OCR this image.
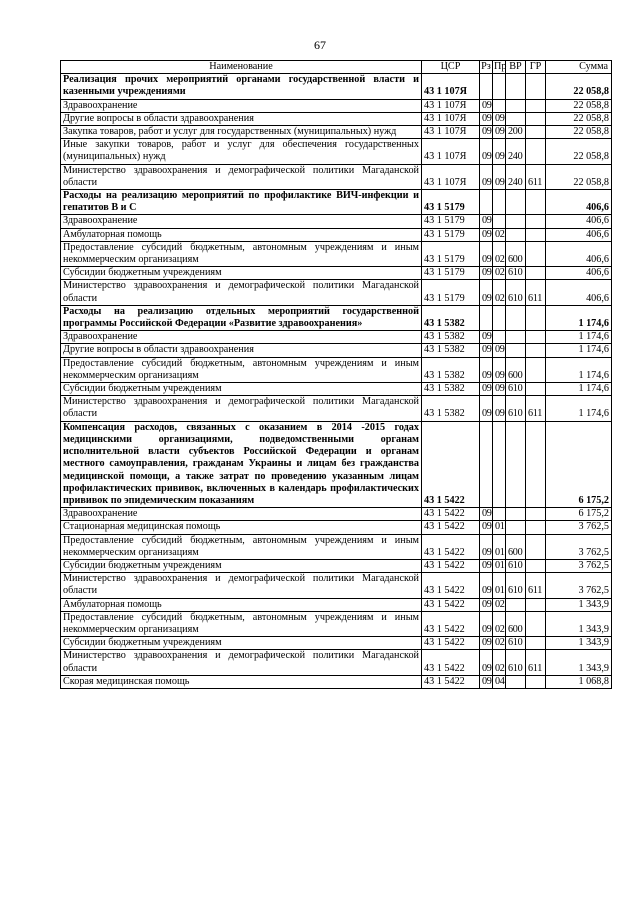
67
Наименование	ЦСР	Рз	Пр	ВР	ГР	Сумма
Реализация прочих мероприятий органами государственной власти и казенными учреждениями	43 1 107Я					22 058,8
Здравоохранение	43 1 107Я	09				22 058,8
Другие вопросы в области здравоохранения	43 1 107Я	09	09			22 058,8
Закупка товаров, работ и услуг для государственных (муниципальных) нужд	43 1 107Я	09	09	200		22 058,8
Иные закупки товаров, работ и услуг для обеспечения государственных (муниципальных) нужд	43 1 107Я	09	09	240		22 058,8
Министерство здравоохранения и демографической политики Магаданской области	43 1 107Я	09	09	240	611	22 058,8
Расходы на реализацию мероприятий по профилактике ВИЧ-инфекции и гепатитов B и C	43 1 5179					406,6
Здравоохранение	43 1 5179	09				406,6
Амбулаторная помощь	43 1 5179	09	02			406,6
Предоставление субсидий бюджетным, автономным учреждениям и иным некоммерческим организациям	43 1 5179	09	02	600		406,6
Субсидии бюджетным учреждениям	43 1 5179	09	02	610		406,6
Министерство здравоохранения и демографической политики Магаданской области	43 1 5179	09	02	610	611	406,6
Расходы на реализацию отдельных мероприятий государственной программы Российской Федерации «Развитие здравоохранения»	43 1 5382					1 174,6
Здравоохранение	43 1 5382	09				1 174,6
Другие вопросы в области здравоохранения	43 1 5382	09	09			1 174,6
Предоставление субсидий бюджетным, автономным учреждениям и иным некоммерческим организациям	43 1 5382	09	09	600		1 174,6
Субсидии бюджетным учреждениям	43 1 5382	09	09	610		1 174,6
Министерство здравоохранения и демографической политики Магаданской области	43 1 5382	09	09	610	611	1 174,6
Компенсация расходов, связанных с оказанием в 2014 -2015 годах медицинскими организациями, подведомственными органам исполнительной власти субъектов Российской Федерации и органам местного самоуправления, гражданам Украины и лицам без гражданства медицинской помощи, а также затрат по проведению указанным лицам профилактических прививок, включенных в календарь профилактических прививок по эпидемическим показаниям	43 1 5422					6 175,2
Здравоохранение	43 1 5422	09				6 175,2
Стационарная медицинская помощь	43 1 5422	09	01			3 762,5
Предоставление субсидий бюджетным, автономным учреждениям и иным некоммерческим организациям	43 1 5422	09	01	600		3 762,5
Субсидии бюджетным учреждениям	43 1 5422	09	01	610		3 762,5
Министерство здравоохранения и демографической политики Магаданской области	43 1 5422	09	01	610	611	3 762,5
Амбулаторная помощь	43 1 5422	09	02			1 343,9
Предоставление субсидий бюджетным, автономным учреждениям и иным некоммерческим организациям	43 1 5422	09	02	600		1 343,9
Субсидии бюджетным учреждениям	43 1 5422	09	02	610		1 343,9
Министерство здравоохранения и демографической политики Магаданской области	43 1 5422	09	02	610	611	1 343,9
Скорая медицинская помощь	43 1 5422	09	04			1 068,8
